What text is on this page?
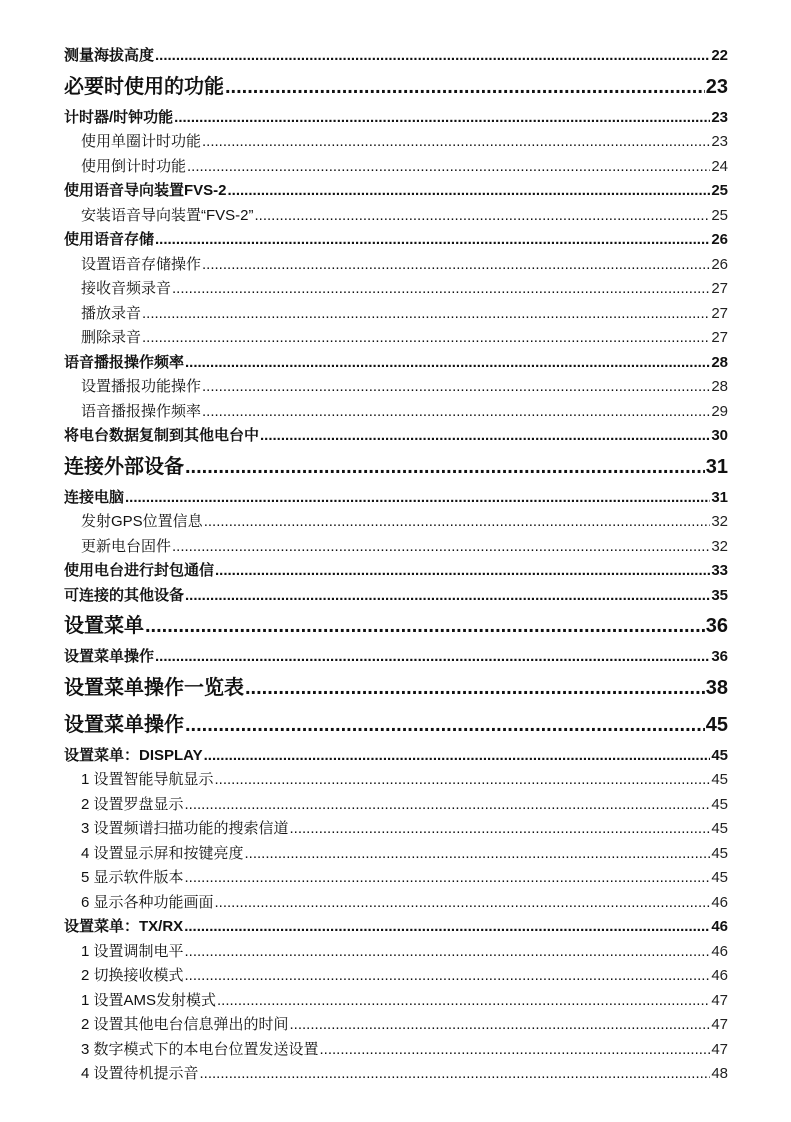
测量海拔高度 .....	22
必要时使用的功能 .....	23
计时器/时钟功能 .....	23
使用单圈计时功能 .....	23
使用倒计时功能 .....	24
使用语音导向装置FVS-2 .....	25
安装语音导向装置“FVS-2” .....	25
使用语音存储 .....	26
设置语音存储操作 .....	26
接收音频录音 .....	27
播放录音 .....	27
删除录音 .....	27
语音播报操作频率 .....	28
设置播报功能操作 .....	28
语音播报操作频率 .....	29
将电台数据复制到其他电台中 .....	30
连接外部设备 .....	31
连接电脑 .....	31
发射GPS位置信息 .....	32
更新电台固件 .....	32
使用电台进行封包通信 .....	33
可连接的其他设备 .....	35
设置菜单 .....	36
设置菜单操作 .....	36
设置菜单操作一览表 .....	38
设置菜单操作 .....	45
设置菜单：DISPLAY .....	45
1 设置智能导航显示 .....	45
2 设置罗盘显示 .....	45
3 设置频谱扫描功能的搜索信道 .....	45
4 设置显示屏和按键亮度 .....	45
5 显示软件版本 .....	45
6 显示各种功能画面 .....	46
设置菜单：TX/RX .....	46
1 设置调制电平 .....	46
2 切换接收模式 .....	46
1 设置AMS发射模式 .....	47
2 设置其他电台信息弹出的时间 .....	47
3 数字模式下的本电台位置发送设置 .....	47
4 设置待机提示音 .....	48
